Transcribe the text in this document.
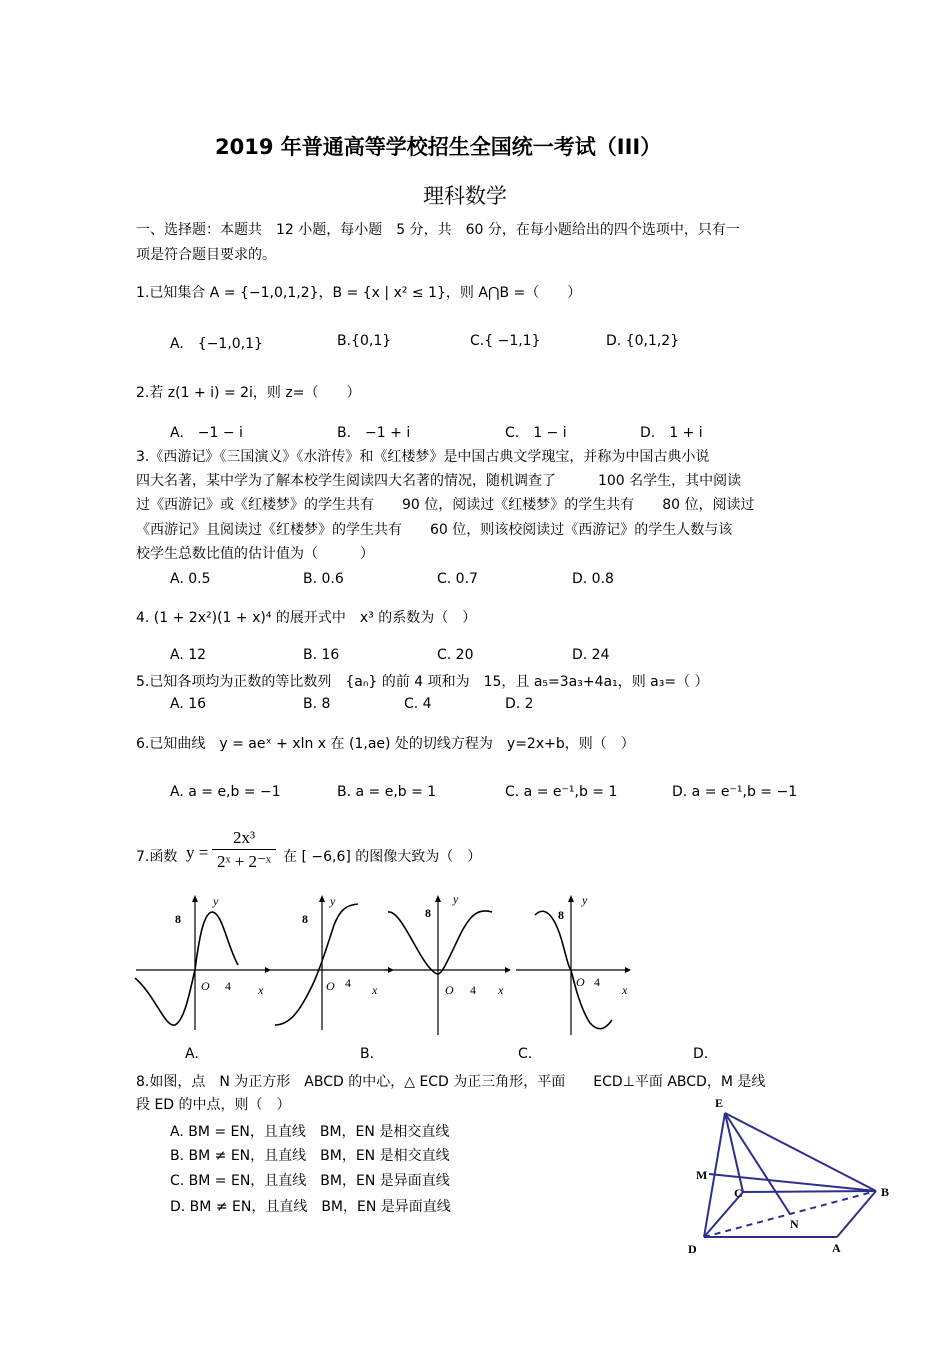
2019 年普通高等学校招生全国统一考试（III）
理科数学
一、选择题：本题共　12 小题，每小题　5 分，共　60 分，在每小题给出的四个选项中，只有一
项是符合题目要求的。
1.已知集合 A = {−1,0,1,2}，B = {x | x² ≤ 1}，则 A⋂B =（　　）
A.　{−1,0,1}	B.{0,1}	C.{ −1,1}	D. {0,1,2}
2.若 z(1 + i) = 2i，则 z=（　　）
A.　−1 − i	B.　−1 + i	C.　1 − i	D.　1 + i
3.《西游记》《三国演义》《水浒传》和《红楼梦》是中国古典文学瑰宝，并称为中国古典小说
四大名著，某中学为了解本校学生阅读四大名著的情况，随机调查了　　　100 名学生，其中阅读
过《西游记》或《红楼梦》的学生共有　　90 位，阅读过《红楼梦》的学生共有　　80 位，阅读过
《西游记》且阅读过《红楼梦》的学生共有　　60 位，则该校阅读过《西游记》的学生人数与该
校学生总数比值的估计值为（　　　）
A. 0.5	B. 0.6	C. 0.7	D. 0.8
4. (1 + 2x²)(1 + x)⁴ 的展开式中　x³ 的系数为（　）
A. 12	B. 16	C. 20	D. 24
5.已知各项均为正数的等比数列　{aₙ} 的前 4 项和为　15，且 a₅=3a₃+4a₁，则 a₃=（ ）
A. 16	B. 8	C. 4	D. 2
6.已知曲线　y = aeˣ + xln x 在 (1,ae) 处的切线方程为　y=2x+b，则（　）
A. a = e,b = −1	B. a = e,b = 1	C. a = e⁻¹,b = 1	D. a = e⁻¹,b = −1
7.函数 y =
2x³
2ˣ + 2⁻ˣ 在 [ −6,6] 的图像大致为（　）
8
y
O 4 x
8
y
O 4 x
8
y
O 4 x
8
y
O 4
x
A.	B.	C.	D.
8.如图，点　N 为正方形　ABCD 的中心，△ ECD 为正三角形，平面　　ECD⊥平面 ABCD，M 是线
段 ED 的中点，则（　）
A. BM = EN，且直线　BM，EN 是相交直线
B. BM ≠ EN，且直线　BM，EN 是相交直线
C. BM = EN，且直线　BM，EN 是异面直线
D. BM ≠ EN，且直线　BM，EN 是异面直线
E
M
C	B
N
D	A
